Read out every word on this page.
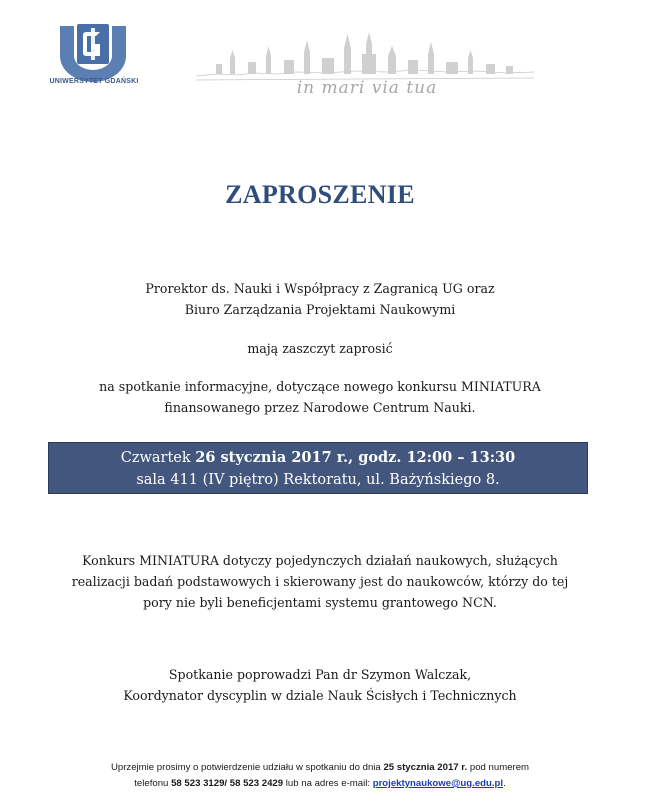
UNIWERSYTET GDAŃSKI	in mari via tua
ZAPROSZENIE
Prorektor ds. Nauki i Współpracy z Zagranicą UG oraz
Biuro Zarządzania Projektami Naukowymi
mają zaszczyt zaprosić
na spotkanie informacyjne, dotyczące nowego konkursu MINIATURA
finansowanego przez Narodowe Centrum Nauki.
Czwartek 26 stycznia 2017 r., godz. 12:00 – 13:30
sala 411 (IV piętro) Rektoratu, ul. Bażyńskiego 8.
Konkurs MINIATURA dotyczy pojedynczych działań naukowych, służących
realizacji badań podstawowych i skierowany jest do naukowców, którzy do tej
pory nie byli beneficjentami systemu grantowego NCN.
Spotkanie poprowadzi Pan dr Szymon Walczak,
Koordynator dyscyplin w dziale Nauk Ścisłych i Technicznych
Uprzejmie prosimy o potwierdzenie udziału w spotkaniu do dnia 25 stycznia 2017 r. pod numerem
telefonu 58 523 3129/ 58 523 2429 lub na adres e-mail: projektynaukowe@ug.edu.pl.
